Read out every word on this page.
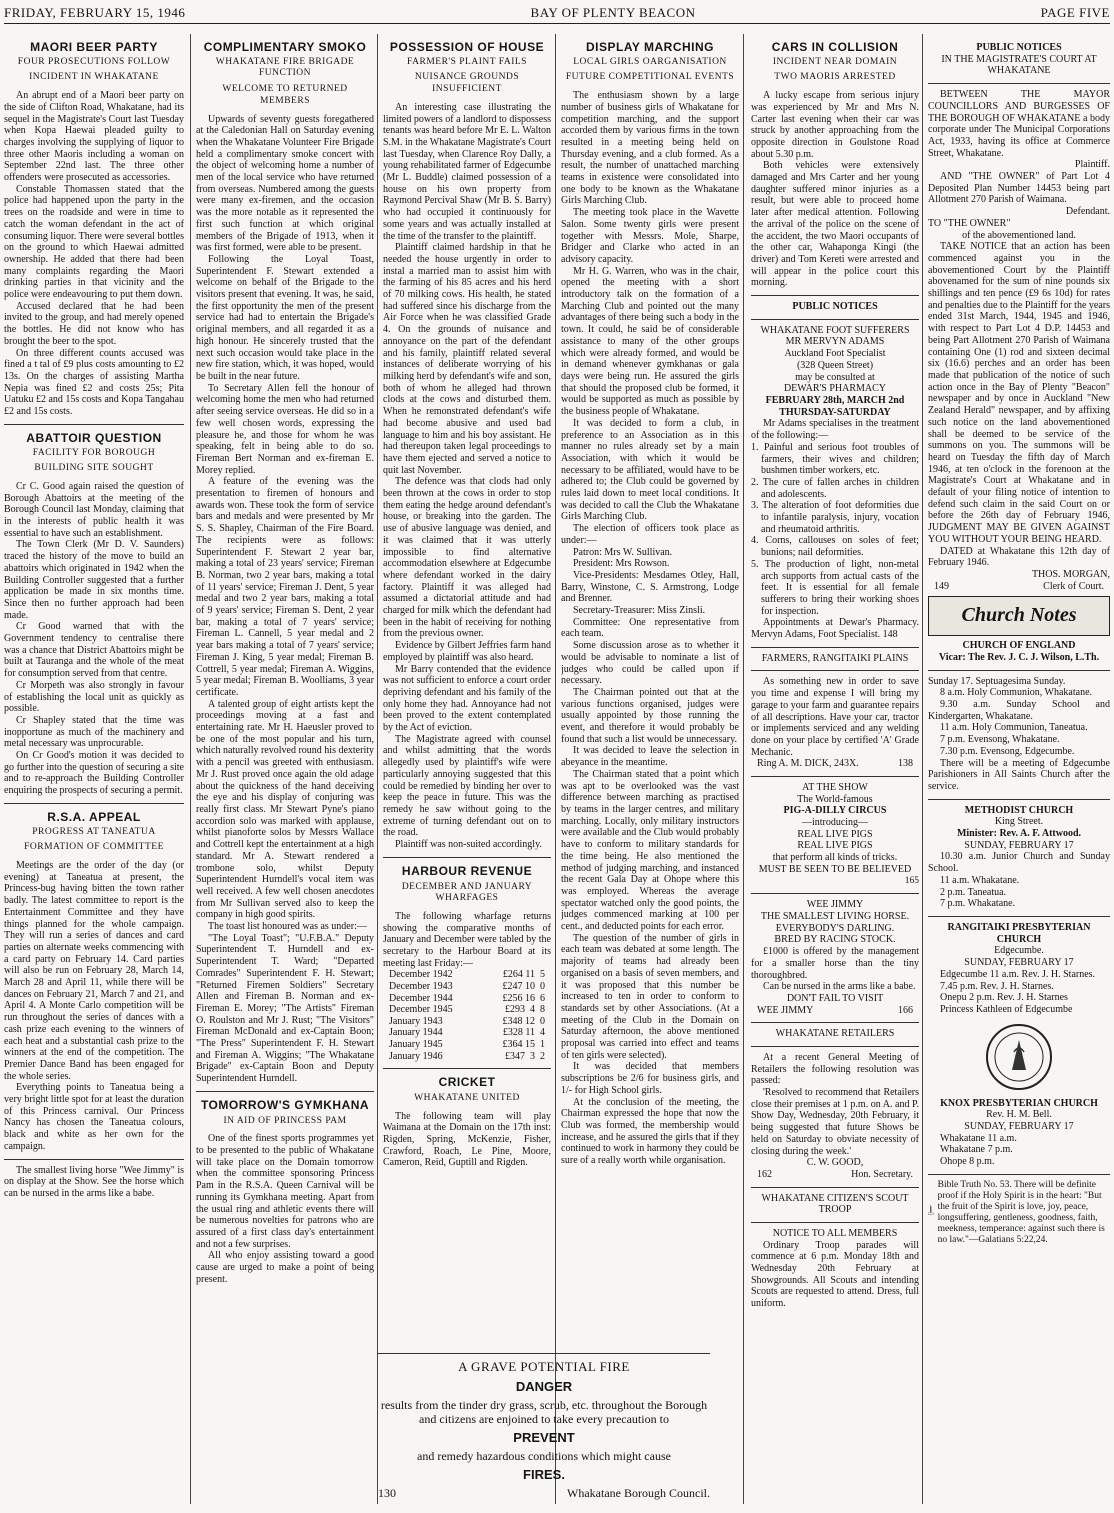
FRIDAY, FEBRUARY 15, 1946	BAY OF PLENTY BEACON	PAGE FIVE
MAORI BEER PARTY
FOUR PROSECUTIONS FOLLOW
INCIDENT IN WHAKATANE

An abrupt end of a Maori beer party on the side of Clifton Road, Whakatane, had its sequel in the Magistrate's Court last Tuesday when Kopa Haewai pleaded guilty to charges involving the supplying of liquor to three other Maoris including a woman on September 22nd last. The three other offenders were prosecuted as accessories.

Constable Thomassen stated that the police had happened upon the party in the trees on the roadside and were in time to catch the woman defendant in the act of consuming liquor. There were several bottles on the ground to which Haewai admitted ownership. He added that there had been many complaints regarding the Maori drinking parties in that vicinity and the police were endeavouring to put them down.

Accused declared that he had been invited to the group, and had merely opened the bottles. He did not know who has brought the beer to the spot.

On three different counts accused was fined a t tal of £9 plus costs amounting to £2 13s. On the charges of assisting Martha Nepia was fined £2 and costs 25s; Pita Uatuku £2 and 15s costs and Kopa Tangahau £2 and 15s costs.

ABATTOIR QUESTION
FACILITY FOR BOROUGH
BUILDING SITE SOUGHT

Cr C. Good again raised the question of Borough Abattoirs at the meeting of the Borough Council last Monday, claiming that in the interests of public health it was essential to have such an establishment.

The Town Clerk (Mr D. V. Saunders) traced the history of the move to build an abattoirs which originated in 1942 when the Building Controller suggested that a further application be made in six months time. Since then no further approach had been made.

Cr Good warned that with the Government tendency to centralise there was a chance that District Abattoirs might be built at Tauranga and the whole of the meat for consumption served from that centre.

Cr Morpeth was also strongly in favour of establishing the local unit as quickly as possible.

Cr Shapley stated that the time was inopportune as much of the machinery and metal necessary was unprocurable.

On Cr Good's motion it was decided to go further into the question of securing a site and to re-approach the Building Controller enquiring the prospects of securing a permit.

R.S.A. APPEAL
PROGRESS AT TANEATUA
FORMATION OF COMMITTEE

Meetings are the order of the day (or evening) at Taneatua at present, the Princess-bug having bitten the town rather badly. The latest committee to report is the Entertainment Committee and they have things planned for the whole campaign. They will run a series of dances and card parties on alternate weeks commencing with a card party on February 14. Card parties will also be run on February 28, March 14, March 28 and April 11, while there will be dances on February 21, March 7 and 21, and April 4. A Monte Carlo competition will be run throughout the series of dances with a cash prize each evening to the winners of each heat and a substantial cash prize to the winners at the end of the competition. The Premier Dance Band has been engaged for the whole series.

Everything points to Taneatua being a very bright little spot for at least the duration of this Princess carnival. Our Princess Nancy has chosen the Taneatua colours, black and white as her own for the campaign.

The smallest living horse "Wee Jimmy" is on display at the Show. See the horse which can be nursed in the arms like a babe.

COMPLIMENTARY SMOKO
WHAKATANE FIRE BRIGADE FUNCTION
WELCOME TO RETURNED MEMBERS

Upwards of seventy guests foregathered at the Caledonian Hall on Saturday evening when the Whakatane Volunteer Fire Brigade held a complimentary smoke concert with the object of welcoming home a number of men of the local service who have returned from overseas. Numbered among the guests were many ex-firemen, and the occasion was the more notable as it represented the first such function at which original members of the Brigade of 1913, when it was first formed, were able to be present.

Following the Loyal Toast, Superintendent F. Stewart extended a welcome on behalf of the Brigade to the visitors present that evening. It was, he said, the first opportunity the men of the present service had had to entertain the Brigade's original members, and all regarded it as a high honour. He sincerely trusted that the next such occasion would take place in the new fire station, which, it was hoped, would be built in the near future.

To Secretary Allen fell the honour of welcoming home the men who had returned after seeing service overseas. He did so in a few well chosen words, expressing the pleasure he, and those for whom he was speaking, felt in being able to do so. Fireman Bert Norman and ex-fireman E. Morey replied.

A feature of the evening was the presentation to firemen of honours and awards won. These took the form of service bars and medals and were presented by Mr S. S. Shapley, Chairman of the Fire Board. The recipients were as follows: Superintendent F. Stewart 2 year bar, making a total of 23 years' service; Fireman B. Norman, two 2 year bars, making a total of 11 years' service; Fireman J. Dent, 5 year medal and two 2 year bars, making a total of 9 years' service; Fireman S. Dent, 2 year bar, making a total of 7 years' service; Fireman L. Cannell, 5 year medal and 2 year bars making a total of 7 years' service; Fireman J. King, 5 year medal; Fireman B. Cottrell, 5 year medal; Fireman A. Wiggins, 5 year medal; Fireman B. Woolliams, 3 year certificate.

A talented group of eight artists kept the proceedings moving at a fast and entertaining rate. Mr H. Haeusler proved to be one of the most popular and his turn, which naturally revolved round his dexterity with a pencil was greeted with enthusiasm. Mr J. Rust proved once again the old adage about the quickness of the hand deceiving the eye and his display of conjuring was really first class. Mr Stewart Pyne's piano accordion solo was marked with applause, whilst pianoforte solos by Messrs Wallace and Cottrell kept the entertainment at a high standard. Mr A. Stewart rendered a trombone solo, whilst Deputy Superintendent Hurndell's vocal item was well received. A few well chosen anecdotes from Mr Sullivan served also to keep the company in high good spirits.

The toast list honoured was as under:—

"The Loyal Toast"; "U.F.B.A." Deputy Superintendent T. Hurndell and ex-Superintendent T. Ward; "Departed Comrades" Superintendent F. H. Stewart; "Returned Firemen Soldiers" Secretary Allen and Fireman B. Norman and ex-Fireman E. Morey; "The Artists" Fireman O. Roulston and Mr J. Rust; "The Visitors" Fireman McDonald and ex-Captain Boon; "The Press" Superintendent F. H. Stewart and Fireman A. Wiggins; "The Whakatane Brigade" ex-Captain Boon and Deputy Superintendent Hurndell.

TOMORROW'S GYMKHANA
IN AID OF PRINCESS PAM

One of the finest sports programmes yet to be presented to the public of Whakatane will take place on the Domain tomorrow when the committee sponsoring Princess Pam in the R.S.A. Queen Carnival will be running its Gymkhana meeting. Apart from the usual ring and athletic events there will be numerous novelties for patrons who are assured of a first class day's entertainment and not a few surprises.

All who enjoy assisting toward a good cause are urged to make a point of being present.

POSSESSION OF HOUSE
FARMER'S PLAINT FAILS
NUISANCE GROUNDS INSUFFICIENT

An interesting case illustrating the limited powers of a landlord to dispossess tenants was heard before Mr E. L. Walton S.M. in the Whakatane Magistrate's Court last Tuesday, when Clarence Roy Dally, a young rehabilitated farmer of Edgecumbe (Mr L. Buddle) claimed possession of a house on his own property from Raymond Percival Shaw (Mr B. S. Barry) who had occupied it continuously for some years and was actually installed at the time of the transfer to the plaintiff.

Plaintiff claimed hardship in that he needed the house urgently in order to instal a married man to assist him with the farming of his 85 acres and his herd of 70 milking cows. His health, he stated had suffered since his discharge from the Air Force when he was classified Grade 4. On the grounds of nuisance and annoyance on the part of the defendant and his family, plaintiff related several instances of deliberate worrying of his milking herd by defendant's wife and son, both of whom he alleged had thrown clods at the cows and disturbed them. When he remonstrated defendant's wife had become abusive and used bad language to him and his boy assistant. He had thereupon taken legal proceedings to have them ejected and served a notice to quit last November.

The defence was that clods had only been thrown at the cows in order to stop them eating the hedge around defendant's house, or breaking into the garden. The use of abusive language was denied, and it was claimed that it was utterly impossible to find alternative accommodation elsewhere at Edgecumbe where defendant worked in the dairy factory. Plaintiff it was alleged had assumed a dictatorial attitude and had charged for milk which the defendant had been in the habit of receiving for nothing from the previous owner.

Evidence by Gilbert Jeffries farm hand employed by plaintiff was also heard.

Mr Barry contended that the evidence was not sufficient to enforce a court order depriving defendant and his family of the only home they had. Annoyance had not been proved to the extent contemplated by the Act of eviction.

The Magistrate agreed with counsel and whilst admitting that the words allegedly used by plaintiff's wife were particularly annoying suggested that this could be remedied by binding her over to keep the peace in future. This was the remedy he saw without going to the extreme of turning defendant out on to the road.

Plaintiff was non-suited accordingly.

HARBOUR REVENUE
DECEMBER AND JANUARY WHARFAGES

The following wharfage returns showing the comparative months of January and December were tabled by the secretary to the Harbour Board at its meeting last Friday:—

December 1942	£264 11  5
December 1943	£247 10  0
December 1944	£256 16  6
December 1945	£293  4  8
January 1943	£348 12  0
January 1944	£328 11  4
January 1945	£364 15  1
January 1946	£347  3  2
CRICKET
WHAKATANE UNITED

The following team will play Waimana at the Domain on the 17th inst: Rigden, Spring, McKenzie, Fisher, Crawford, Roach, Le Pine, Moore, Cameron, Reid, Guptill and Rigden.

DISPLAY MARCHING
LOCAL GIRLS OARGANISATION
FUTURE COMPETITIONAL EVENTS

The enthusiasm shown by a large number of business girls of Whakatane for competition marching, and the support accorded them by various firms in the town resulted in a meeting being held on Thursday evening, and a club formed. As a result, the number of unattached marching teams in existence were consolidated into one body to be known as the Whakatane Girls Marching Club.

The meeting took place in the Wavette Salon. Some twenty girls were present together with Messrs. Mole, Sharpe, Bridger and Clarke who acted in an advisory capacity.

Mr H. G. Warren, who was in the chair, opened the meeting with a short introductory talk on the formation of a Marching Club and pointed out the many advantages of there being such a body in the town. It could, he said be of considerable assistance to many of the other groups which were already formed, and would be in demand whenever gymkhanas or gala days were being run. He assured the girls that should the proposed club be formed, it would be supported as much as possible by the business people of Whakatane.

It was decided to form a club, in preference to an Association as in this manner no rules already set by a main Association, with which it would be necessary to be affiliated, would have to be adhered to; the Club could be governed by rules laid down to meet local conditions. It was decided to call the Club the Whakatane Girls Marching Club.

The election of officers took place as under:—

Patron: Mrs W. Sullivan.

President: Mrs Rowson.

Vice-Presidents: Mesdames Otley, Hall, Barry, Winstone, C. S. Armstrong, Lodge and Brenner.

Secretary-Treasurer: Miss Zinsli.

Committee: One representative from each team.

Some discussion arose as to whether it would be advisable to nominate a list of judges who could be called upon if necessary.

The Chairman pointed out that at the various functions organised, judges were usually appointed by those running the event, and therefore it would probably be found that such a list would be unnecessary.

It was decided to leave the selection in abeyance in the meantime.

The Chairman stated that a point which was apt to be overlooked was the vast difference between marching as practised by teams in the larger centres, and military marching. Locally, only military instructors were available and the Club would probably have to conform to military standards for the time being. He also mentioned the method of judging marching, and instanced the recent Gala Day at Ohope where this was employed. Whereas the average spectator watched only the good points, the judges commenced marking at 100 per cent., and deducted points for each error.

The question of the number of girls in each team was debated at some length. The majority of teams had already been organised on a basis of seven members, and it was proposed that this number be increased to ten in order to conform to standards set by other Associations. (At a meeting of the Club in the Domain on Saturday afternoon, the above mentioned proposal was carried into effect and teams of ten girls were selected).

It was decided that members subscriptions be 2/6 for business girls, and 1/- for High School girls.

At the conclusion of the meeting, the Chairman expressed the hope that now the Club was formed, the membership would increase, and he assured the girls that if they continued to work in harmony they could be sure of a really worth while organisation.

CARS IN COLLISION
INCIDENT NEAR DOMAIN
TWO MAORIS ARRESTED

A lucky escape from serious injury was experienced by Mr and Mrs N. Carter last evening when their car was struck by another approaching from the opposite direction in Goulstone Road about 5.30 p.m.

Both vehicles were extensively damaged and Mrs Carter and her young daughter suffered minor injuries as a result, but were able to proceed home later after medical attention. Following the arrival of the police on the scene of the accident, the two Maori occupants of the other car, Wahaponga Kingi (the driver) and Tom Kereti were arrested and will appear in the police court this morning.

PUBLIC NOTICES
WHAKATANE FOOT SUFFERERS
MR MERVYN ADAMS
Auckland Foot Specialist
(328 Queen Street)
may be consulted at
DEWAR'S PHARMACY
FEBRUARY 28th, MARCH 2nd
THURSDAY-SATURDAY

Mr Adams specialises in the treatment of the following:—

1. Painful and serious foot troubles of farmers, their wives and children; bushmen timber workers, etc.
2. The cure of fallen arches in children and adolescents.
3. The alteration of foot deformities due to infantile paralysis, injury, vocation and rheumatoid arthritis.
4. Corns, callouses on soles of feet; bunions; nail deformities.
5. The production of light, non-metal arch supports from actual casts of the feet. It is essential for all female sufferers to bring their working shoes for inspection.

Appointments at Dewar's Pharmacy. Mervyn Adams, Foot Specialist. 148

FARMERS, RANGITAIKI PLAINS

As something new in order to save you time and expense I will bring my garage to your farm and guarantee repairs of all descriptions. Have your car, tractor or implements serviced and any welding done on your place by certified 'A' Grade Mechanic.

Ring A. M. DICK, 243X.	138
AT THE SHOW
The World-famous
PIG-A-DILLY CIRCUS
—introducing—
REAL LIVE PIGS
REAL LIVE PIGS
that perform all kinds of tricks.
MUST BE SEEN TO BE BELIEVED
165
WEE JIMMY
THE SMALLEST LIVING HORSE.
EVERYBODY'S DARLING.
BRED BY RACING STOCK.

£1000 is offered by the management for a smaller horse than the tiny thoroughbred.

Can be nursed in the arms like a babe.

DON'T FAIL TO VISIT
WEE JIMMY	166
WHAKATANE RETAILERS

At a recent General Meeting of Retailers the following resolution was passed:

'Resolved to recommend that Retailers close their premises at 1 p.m. on A. and P. Show Day, Wednesday, 20th February, it being suggested that future Shows be held on Saturday to obviate necessity of closing during the week.'

C. W. GOOD,
162	Hon. Secretary.
WHAKATANE CITIZEN'S SCOUT TROOP
NOTICE TO ALL MEMBERS

Ordinary Troop parades will commence at 6 p.m. Monday 18th and Wednesday 20th February at Showgrounds. All Scouts and intending Scouts are requested to attend. Dress, full uniform.

PUBLIC NOTICES
IN THE MAGISTRATE'S COURT AT WHAKATANE

BETWEEN THE MAYOR COUNCILLORS AND BURGESSES OF THE BOROUGH OF WHAKATANE a body corporate under The Municipal Corporations Act, 1933, having its office at Commerce Street, Whakatane.

Plaintiff.

AND "THE OWNER" of Part Lot 4 Deposited Plan Number 14453 being part Allotment 270 Parish of Waimana.

Defendant.
TO "THE OWNER"
of the abovementioned land.

TAKE NOTICE that an action has been commenced against you in the abovementioned Court by the Plaintiff abovenamed for the sum of nine pounds six shillings and ten pence (£9 6s 10d) for rates and penalties due to the Plaintiff for the years ended 31st March, 1944, 1945 and 1946, with respect to Part Lot 4 D.P. 14453 and being Part Allotment 270 Parish of Waimana containing One (1) rod and sixteen decimal six (16.6) perches and an order has been made that publication of the notice of such action once in the Bay of Plenty "Beacon" newspaper and by once in Auckland "New Zealand Herald" newspaper, and by affixing such notice on the land abovementioned shall be deemed to be service of the summons on you. The summons will be heard on Tuesday the fifth day of March 1946, at ten o'clock in the forenoon at the Magistrate's Court at Whakatane and in default of your filing notice of intention to defend such claim in the said Court on or before the 26th day of February 1946, JUDGMENT MAY BE GIVEN AGAINST YOU WITHOUT YOUR BEING HEARD.

DATED at Whakatane this 12th day of February 1946.

THOS. MORGAN,
149	Clerk of Court.
Church Notes
CHURCH OF ENGLAND
Vicar: The Rev. J. C. J. Wilson, L.Th.
Sunday 17. Septuagesima Sunday.

8 a.m. Holy Communion, Whakatane.

9.30 a.m. Sunday School and Kindergarten, Whakatane.

11 a.m. Holy Communion, Taneatua.

7 p.m. Evensong, Whakatane.

7.30 p.m. Evensong, Edgecumbe.

There will be a meeting of Edgecumbe Parishioners in All Saints Church after the service.

METHODIST CHURCH
King Street.
Minister: Rev. A. F. Attwood.
SUNDAY, FEBRUARY 17

10.30 a.m. Junior Church and Sunday School.

11 a.m. Whakatane.

2 p.m. Taneatua.

7 p.m. Whakatane.

RANGITAIKI PRESBYTERIAN CHURCH
Edgecumbe.
SUNDAY, FEBRUARY 17

Edgecumbe 11 a.m. Rev. J. H. Starnes.

7.45 p.m. Rev. J. H. Starnes.

Onepu 2 p.m. Rev. J. H. Starnes

Princess Kathleen of Edgecumbe

KNOX PRESBYTERIAN CHURCH
Rev. H. M. Bell.
SUNDAY, FEBRUARY 17

Whakatane 11 a.m.

Whakatane 7 p.m.

Ohope 8 p.m.

Bible Truth No. 53. There will be definite proof if the Holy Spirit is in the heart: "But the fruit of the Spirit is love, joy, peace, longsuffering, gentleness, goodness, faith, meekness, temperance: against such there is no law."—Galatians 5:22,24.
A GRAVE POTENTIAL FIRE
DANGER
results from the tinder dry grass, scrub, etc. throughout the Borough and citizens are enjoined to take every precaution to
PREVENT
and remedy hazardous conditions which might cause
FIRES.
130	Whakatane Borough Council.
